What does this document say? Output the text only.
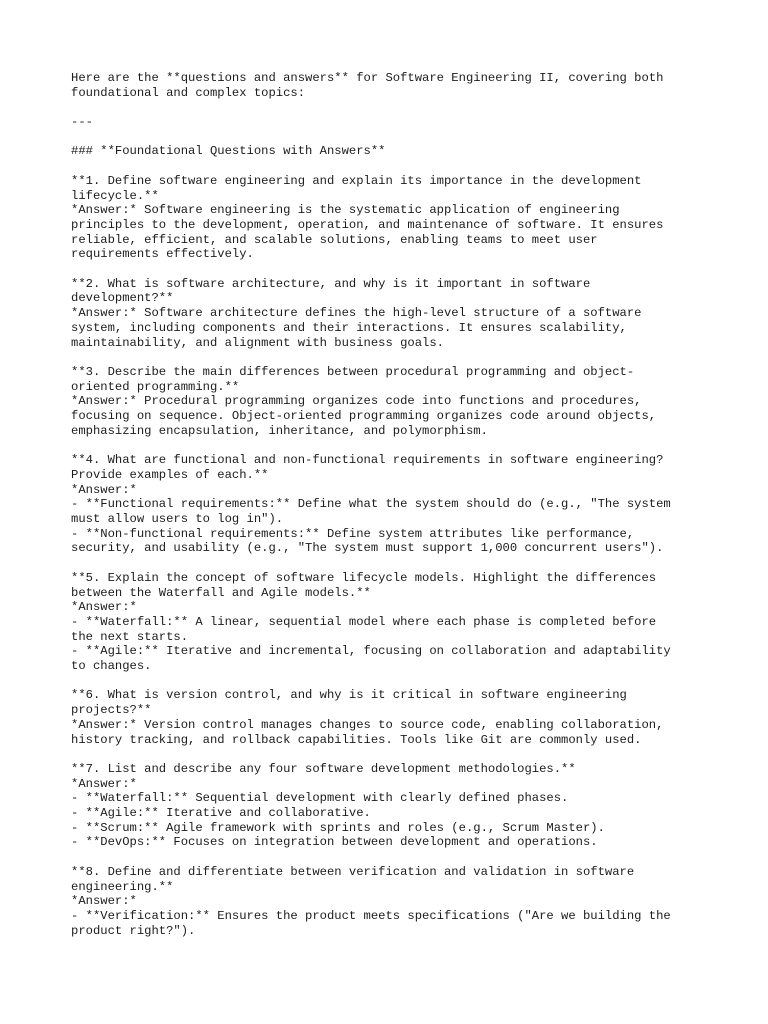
Here are the **questions and answers** for Software Engineering II, covering both
foundational and complex topics:
---
### **Foundational Questions with Answers**
**1. Define software engineering and explain its importance in the development
lifecycle.**
*Answer:* Software engineering is the systematic application of engineering
principles to the development, operation, and maintenance of software. It ensures
reliable, efficient, and scalable solutions, enabling teams to meet user
requirements effectively.
**2. What is software architecture, and why is it important in software
development?**
*Answer:* Software architecture defines the high-level structure of a software
system, including components and their interactions. It ensures scalability,
maintainability, and alignment with business goals.
**3. Describe the main differences between procedural programming and object-
oriented programming.**
*Answer:* Procedural programming organizes code into functions and procedures,
focusing on sequence. Object-oriented programming organizes code around objects,
emphasizing encapsulation, inheritance, and polymorphism.
**4. What are functional and non-functional requirements in software engineering?
Provide examples of each.**
*Answer:*
- **Functional requirements:** Define what the system should do (e.g., "The system
must allow users to log in").
- **Non-functional requirements:** Define system attributes like performance,
security, and usability (e.g., "The system must support 1,000 concurrent users").
**5. Explain the concept of software lifecycle models. Highlight the differences
between the Waterfall and Agile models.**
*Answer:*
- **Waterfall:** A linear, sequential model where each phase is completed before
the next starts.
- **Agile:** Iterative and incremental, focusing on collaboration and adaptability
to changes.
**6. What is version control, and why is it critical in software engineering
projects?**
*Answer:* Version control manages changes to source code, enabling collaboration,
history tracking, and rollback capabilities. Tools like Git are commonly used.
**7. List and describe any four software development methodologies.**
*Answer:*
- **Waterfall:** Sequential development with clearly defined phases.
- **Agile:** Iterative and collaborative.
- **Scrum:** Agile framework with sprints and roles (e.g., Scrum Master).
- **DevOps:** Focuses on integration between development and operations.
**8. Define and differentiate between verification and validation in software
engineering.**
*Answer:*
- **Verification:** Ensures the product meets specifications ("Are we building the
product right?").
